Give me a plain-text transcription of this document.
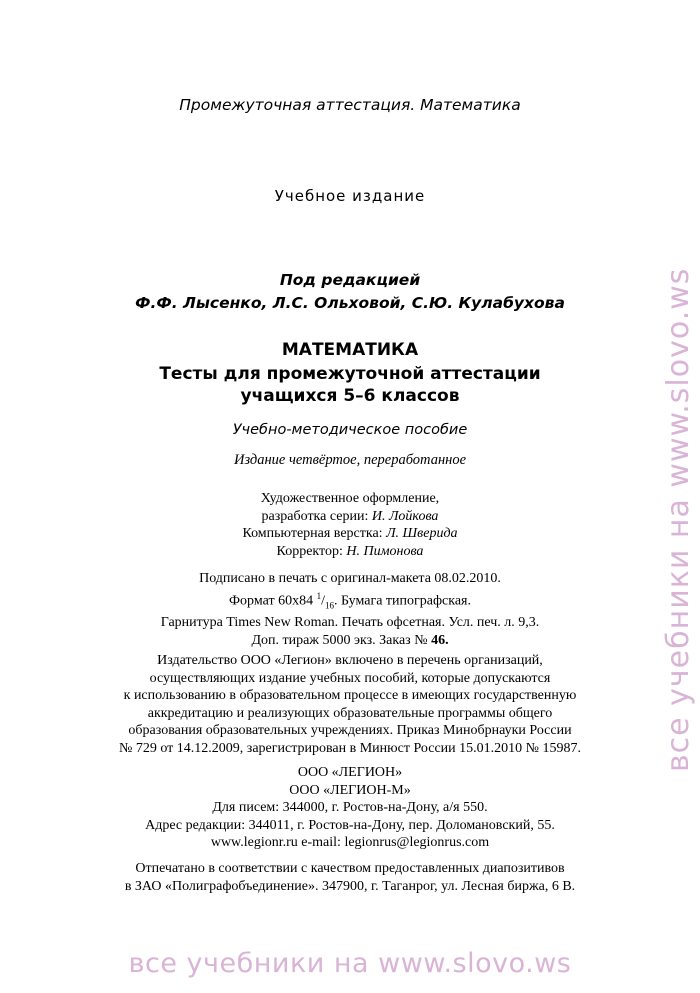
Промежуточная аттестация. Математика
Учебное издание
Под редакцией
Ф.Ф. Лысенко, Л.С. Ольховой, С.Ю. Кулабухова
МАТЕМАТИКА
Тесты для промежуточной аттестации
учащихся 5–6 классов
Учебно-методическое пособие
Издание четвёртое, переработанное
Художественное оформление,
разработка серии: И. Лойкова
Компьютерная верстка: Л. Шверида
Корректор: Н. Пимонова
Подписано в печать с оригинал-макета 08.02.2010.
Формат 60x84 $^1/_{16}$. Бумага типографская.
Гарнитура Times New Roman. Печать офсетная. Усл. печ. л. 9,3.
Доп. тираж 5000 экз. Заказ № 46.
Издательство ООО «Легион» включено в перечень организаций,
осуществляющих издание учебных пособий, которые допускаются
к использованию в образовательном процессе в имеющих государственную
аккредитацию и реализующих образовательные программы общего
образования образовательных учреждениях. Приказ Минобрнауки России
№ 729 от 14.12.2009, зарегистрирован в Минюст России 15.01.2010 № 15987.
ООО «ЛЕГИОН»
ООО «ЛЕГИОН-М»
Для писем: 344000, г. Ростов-на-Дону, а/я 550.
Адрес редакции: 344011, г. Ростов-на-Дону, пер. Доломановский, 55.
www.legionr.ru e-mail: legionrus@legionrus.com
Отпечатано в соответствии с качеством предоставленных диапозитивов
в ЗАО «Полиграфобъединение». 347900, г. Таганрог, ул. Лесная биржа, 6 В.
все учебники на www.slovo.ws
все учебники на www.slovo.ws
